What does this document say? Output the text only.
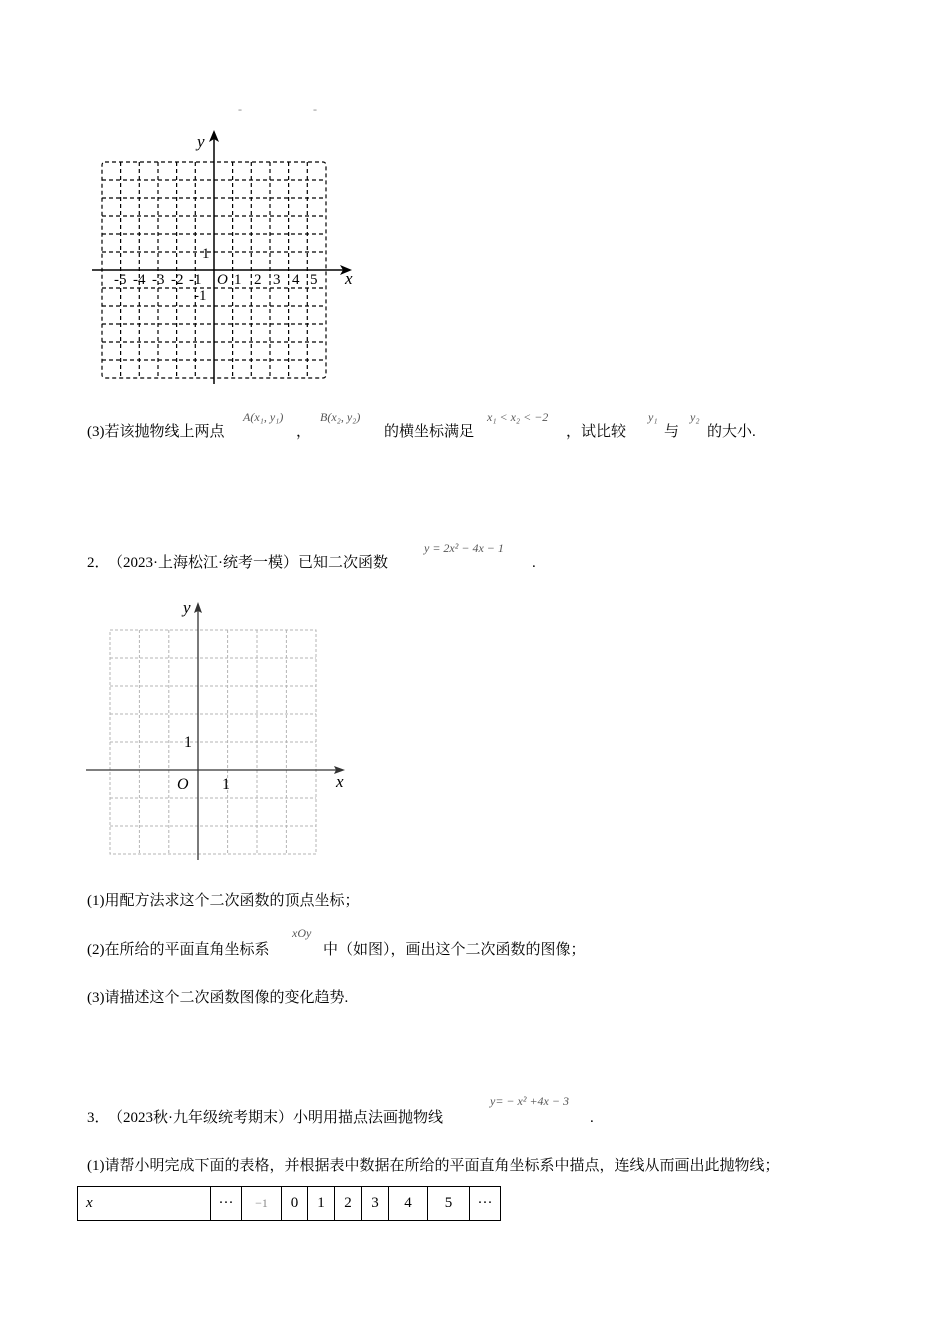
- -
y
x
O
1
-1
-5 -4 -3 -2 -1 1 2 3 4 5
(3)若该抛物线上两点
A(x₁, y₁)
，
B(x₂, y₂)
的横坐标满足
x₁ < x₂ < −2
，试比较
y₁
与
y₂
的大小.
2．
（2023·上海松江·统考一模）已知二次函数
y = 2x² − 4x − 1
.
y
x
O 1
1
(1)用配方法求这个二次函数的顶点坐标；
(2)在所给的平面直角坐标系
xOy
中（如图），画出这个二次函数的图像；
(3)请描述这个二次函数图像的变化趋势.
3．
（2023秋·九年级统考期末）小明用描点法画抛物线
y= − x² +4x − 3
.
(1)请帮小明完成下面的表格，并根据表中数据在所给的平面直角坐标系中描点，连线从而画出此抛物线；
x	···	−1	0	1	2	3	4	5	···
